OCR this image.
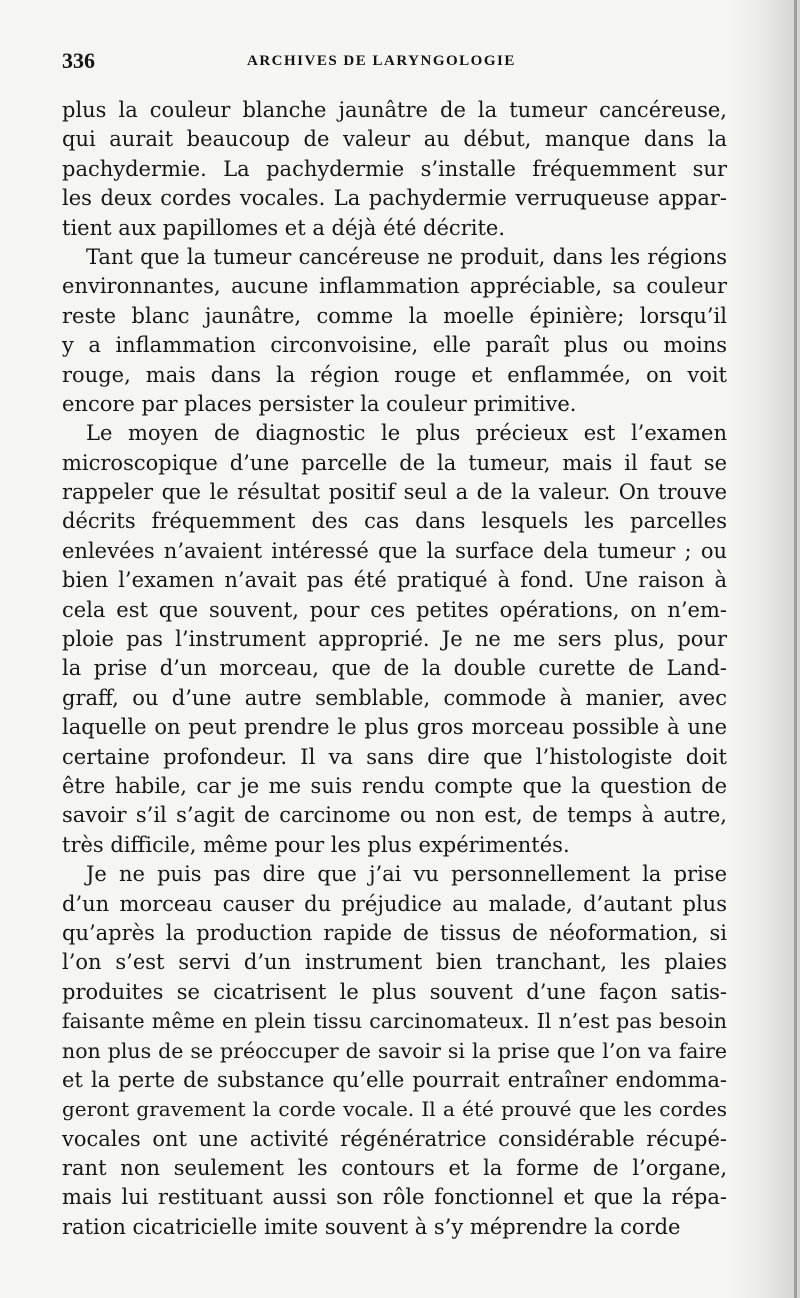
336	ARCHIVES DE LARYNGOLOGIE
plus la couleur blanche jaunâtre de la tumeur cancéreuse,
qui aurait beaucoup de valeur au début, manque dans la
pachydermie. La pachydermie s’installe fréquemment sur
les deux cordes vocales. La pachydermie verruqueuse appar-
tient aux papillomes et a déjà été décrite.
Tant que la tumeur cancéreuse ne produit, dans les régions
environnantes, aucune inflammation appréciable, sa couleur
reste blanc jaunâtre, comme la moelle épinière; lorsqu’il
y a inflammation circonvoisine, elle paraît plus ou moins
rouge, mais dans la région rouge et enflammée, on voit
encore par places persister la couleur primitive.
Le moyen de diagnostic le plus précieux est l’examen
microscopique d’une parcelle de la tumeur, mais il faut se
rappeler que le résultat positif seul a de la valeur. On trouve
décrits fréquemment des cas dans lesquels les parcelles
enlevées n’avaient intéressé que la surface dela tumeur ; ou
bien l’examen n’avait pas été pratiqué à fond. Une raison à
cela est que souvent, pour ces petites opérations, on n’em-
ploie pas l’instrument approprié. Je ne me sers plus, pour
la prise d’un morceau, que de la double curette de Land-
graff, ou d’une autre semblable, commode à manier, avec
laquelle on peut prendre le plus gros morceau possible à une
certaine profondeur. Il va sans dire que l’histologiste doit
être habile, car je me suis rendu compte que la question de
savoir s’il s’agit de carcinome ou non est, de temps à autre,
très difficile, même pour les plus expérimentés.
Je ne puis pas dire que j’ai vu personnellement la prise
d’un morceau causer du préjudice au malade, d’autant plus
qu’après la production rapide de tissus de néoformation, si
l’on s’est servi d’un instrument bien tranchant, les plaies
produites se cicatrisent le plus souvent d’une façon satis-
faisante même en plein tissu carcinomateux. Il n’est pas besoin
non plus de se préoccuper de savoir si la prise que l’on va faire
et la perte de substance qu’elle pourrait entraîner endomma-
geront gravement la corde vocale. Il a été prouvé que les cordes
vocales ont une activité régénératrice considérable récupé-
rant non seulement les contours et la forme de l’organe,
mais lui restituant aussi son rôle fonctionnel et que la répa-
ration cicatricielle imite souvent à s’y méprendre la corde
